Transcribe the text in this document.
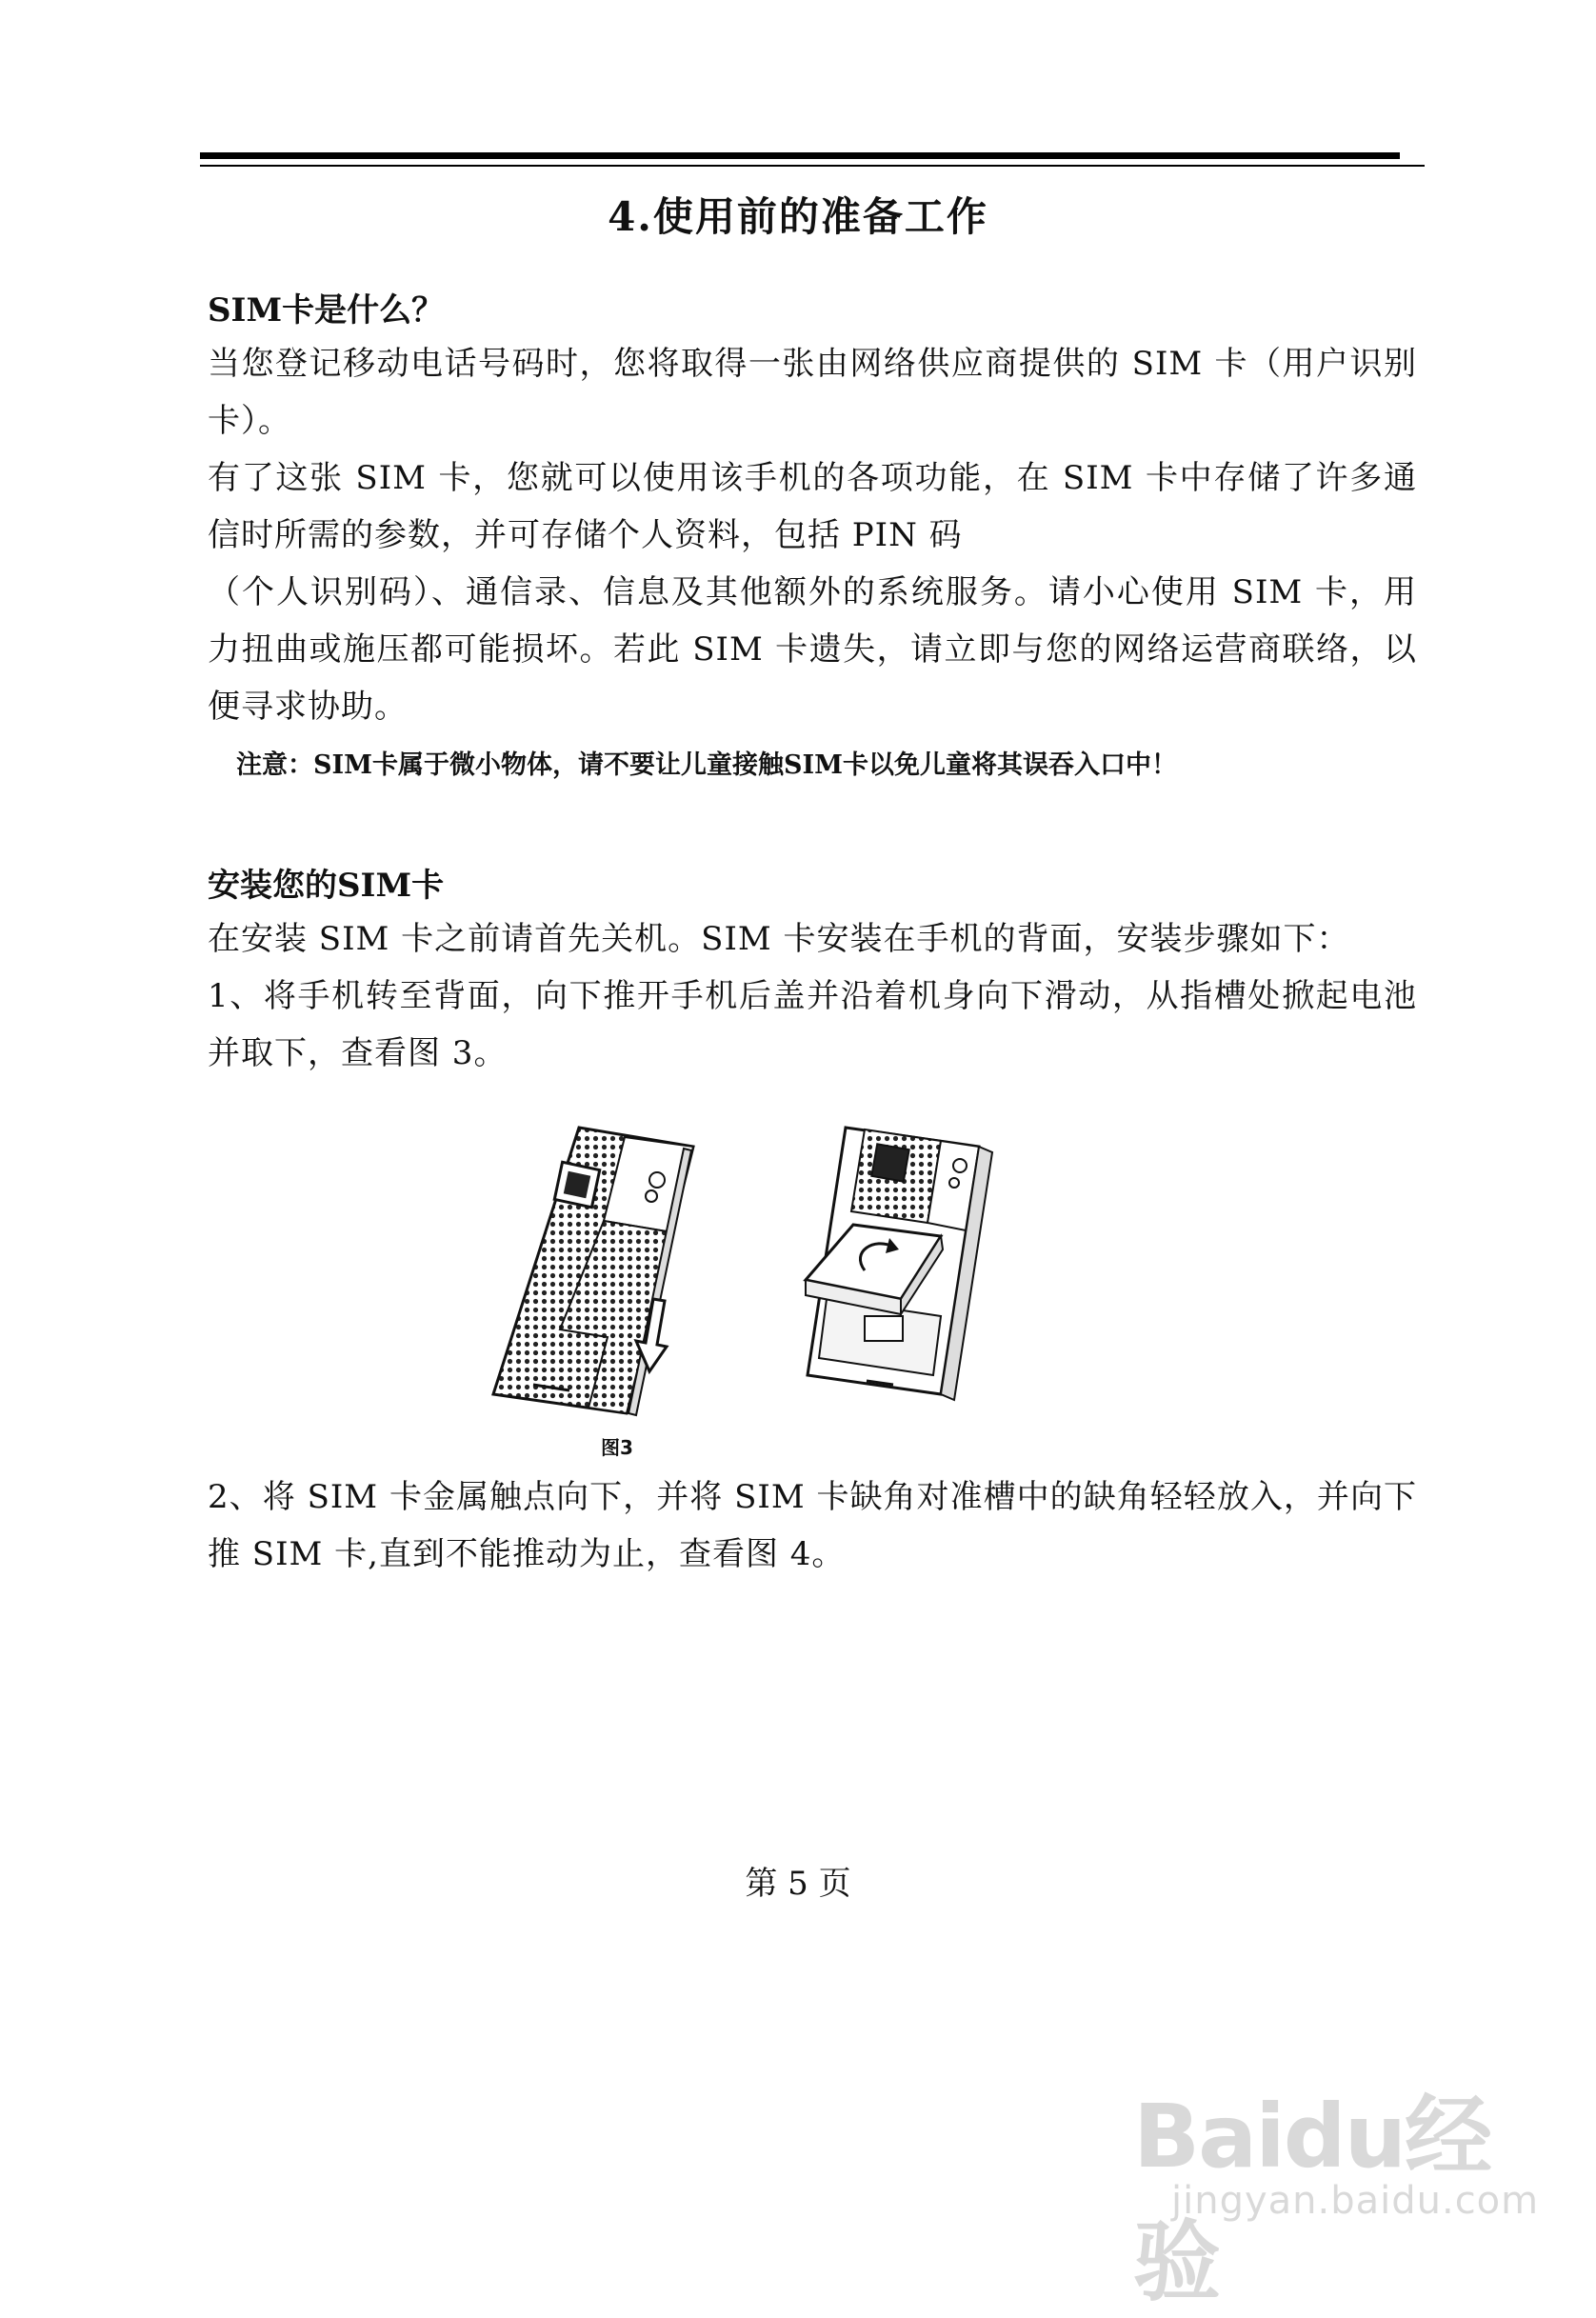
4.使用前的准备工作

SIM卡是什么？

当您登记移动电话号码时，您将取得一张由网络供应商提供的 SIM 卡（用户识别卡）。

有了这张 SIM 卡，您就可以使用该手机的各项功能，在 SIM 卡中存储了许多通信时所需的参数，并可存储个人资料，包括 PIN 码

（个人识别码）、通信录、信息及其他额外的系统服务。请小心使用 SIM 卡，用力扭曲或施压都可能损坏。若此 SIM 卡遗失，请立即与您的网络运营商联络，以便寻求协助。

注意：SIM卡属于微小物体，请不要让儿童接触SIM卡以免儿童将其误吞入口中！

安装您的SIM卡

在安装 SIM 卡之前请首先关机。SIM 卡安装在手机的背面，安装步骤如下：

1、将手机转至背面，向下推开手机后盖并沿着机身向下滑动，从指槽处掀起电池并取下，查看图 3。

图3

2、将 SIM 卡金属触点向下，并将 SIM 卡缺角对准槽中的缺角轻轻放入，并向下推 SIM 卡,直到不能推动为止，查看图 4。

第 5 页
Baidu经验
jingyan.baidu.com
